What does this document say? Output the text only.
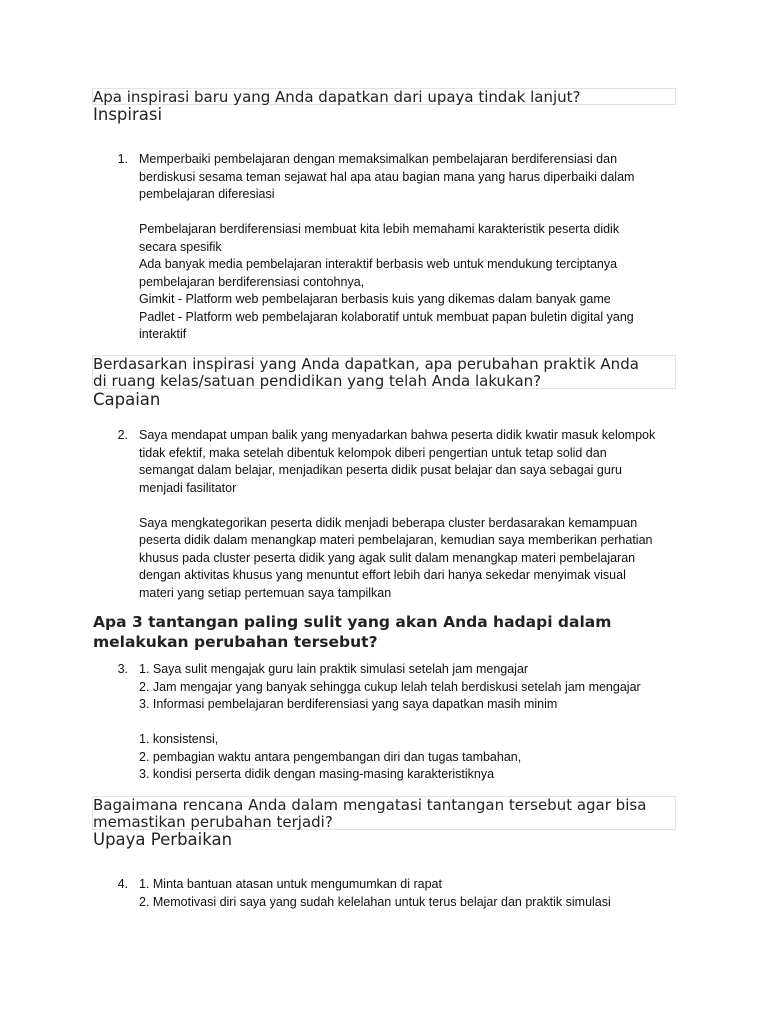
Apa inspirasi baru yang Anda dapatkan dari upaya tindak lanjut?
Inspirasi
1. Memperbaiki pembelajaran dengan memaksimalkan pembelajaran berdiferensiasi dan
berdiskusi sesama teman sejawat hal apa atau bagian mana yang harus diperbaiki dalam
pembelajaran diferesiasi
Pembelajaran berdiferensiasi membuat kita lebih memahami karakteristik peserta didik
secara spesifik
Ada banyak media pembelajaran interaktif berbasis web untuk mendukung terciptanya
pembelajaran berdiferensiasi contohnya,
Gimkit - Platform web pembelajaran berbasis kuis yang dikemas dalam banyak game
Padlet - Platform web pembelajaran kolaboratif untuk membuat papan buletin digital yang
interaktif
Berdasarkan inspirasi yang Anda dapatkan, apa perubahan praktik Anda
di ruang kelas/satuan pendidikan yang telah Anda lakukan?
Capaian
2. Saya mendapat umpan balik yang menyadarkan bahwa peserta didik kwatir masuk kelompok
tidak efektif, maka setelah dibentuk kelompok diberi pengertian untuk tetap solid dan
semangat dalam belajar, menjadikan peserta didik pusat belajar dan saya sebagai guru
menjadi fasilitator
Saya mengkategorikan peserta didik menjadi beberapa cluster berdasarakan kemampuan
peserta didik dalam menangkap materi pembelajaran, kemudian saya memberikan perhatian
khusus pada cluster peserta didik yang agak sulit dalam menangkap materi pembelajaran
dengan aktivitas khusus yang menuntut effort lebih dari hanya sekedar menyimak visual
materi yang setiap pertemuan saya tampilkan
Apa 3 tantangan paling sulit yang akan Anda hadapi dalam
melakukan perubahan tersebut?
3. 1. Saya sulit mengajak guru lain praktik simulasi setelah jam mengajar
2. Jam mengajar yang banyak sehingga cukup lelah telah berdiskusi setelah jam mengajar
3. Informasi pembelajaran berdiferensiasi yang saya dapatkan masih minim
1. konsistensi,
2. pembagian waktu antara pengembangan diri dan tugas tambahan,
3. kondisi perserta didik dengan masing-masing karakteristiknya
Bagaimana rencana Anda dalam mengatasi tantangan tersebut agar bisa
memastikan perubahan terjadi?
Upaya Perbaikan
4. 1. Minta bantuan atasan untuk mengumumkan di rapat
2. Memotivasi diri saya yang sudah kelelahan untuk terus belajar dan praktik simulasi
